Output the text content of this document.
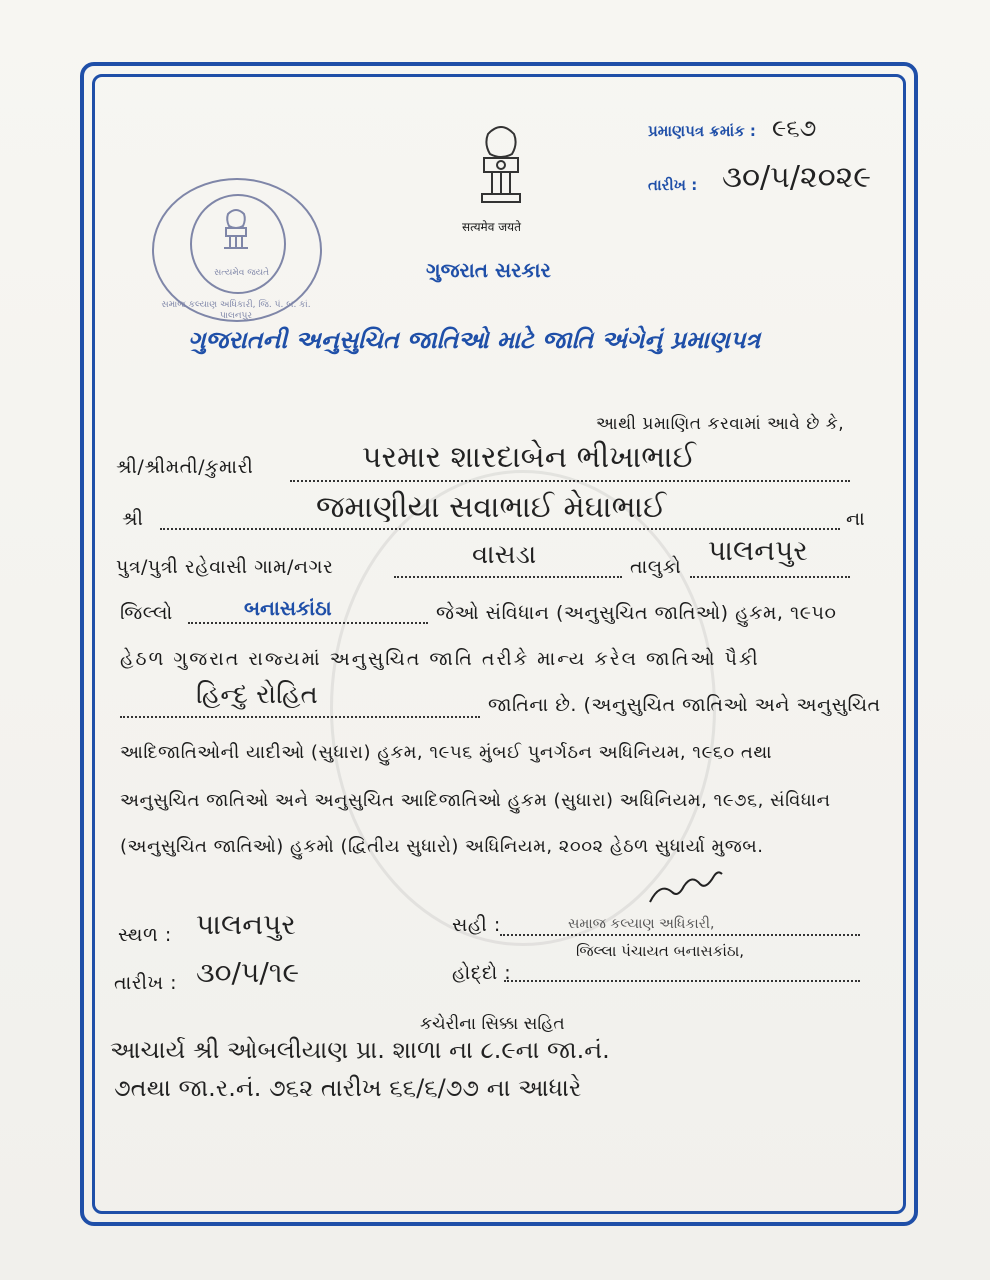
सत्यमेव जयते
પ્રમાણપત્ર ક્રમાંક : ૯૬૭
તારીખ : ૩૦/૫/૨૦૨૯
સત્યમેવ જયતે
સમાજ કલ્યાણ અધિકારી, જિ. પં. બ. કાં. પાલનપુર
ગુજરાત સરકાર
ગુજરાતની અનુસુચિત જાતિઓ માટે જાતિ અંગેનું પ્રમાણપત્ર
આથી પ્રમાણિત કરવામાં આવે છે કે,
શ્રી/શ્રીમતી/કુમારી	પરમાર શારદાબેન ભીખાભાઈ
શ્રી	જમાણીયા સવાભાઈ મેઘાભાઈ	ના
પુત્ર/પુત્રી રહેવાસી ગામ/નગર	વાસડા	તાલુકો પાલનપુર
જિલ્લો	બનાસકાંઠા	જેઓ સંવિધાન (અનુસુચિત જાતિઓ) હુકમ, ૧૯૫૦
હેઠળ ગુજરાત રાજ્યમાં અનુસુચિત જાતિ તરીકે માન્ય કરેલ જાતિઓ પૈકી
હિન્દુ રોહિત	જાતિના છે. (અનુસુચિત જાતિઓ અને અનુસુચિત
આદિજાતિઓની યાદીઓ (સુધારા) હુકમ, ૧૯૫૬ મુંબઈ પુનર્ગઠન અધિનિયમ, ૧૯૬૦ તથા
અનુસુચિત જાતિઓ અને અનુસુચિત આદિજાતિઓ હુકમ (સુધારા) અધિનિયમ, ૧૯૭૬, સંવિધાન
(અનુસુચિત જાતિઓ) હુકમો (દ્વિતીય સુધારો) અધિનિયમ, ૨૦૦૨ હેઠળ સુધાર્યા મુજબ.
સ્થળ : પાલનપુર
તારીખ : ૩૦/૫/૧૯
સહી :	સમાજ કલ્યાણ અધિકારી,
જિલ્લા પંચાયત બનાસકાંઠા,
હોદ્દો :
કચેરીના સિક્કા સહિત
આચાર્ય શ્રી ઓબલીયાણ પ્રા. શાળા ના ૮.૯ના જા.નં.
૭તથા જા.ર.નં. ૭૬૨ તારીખ ૬૬/૬/૭૭ ના આધારે
